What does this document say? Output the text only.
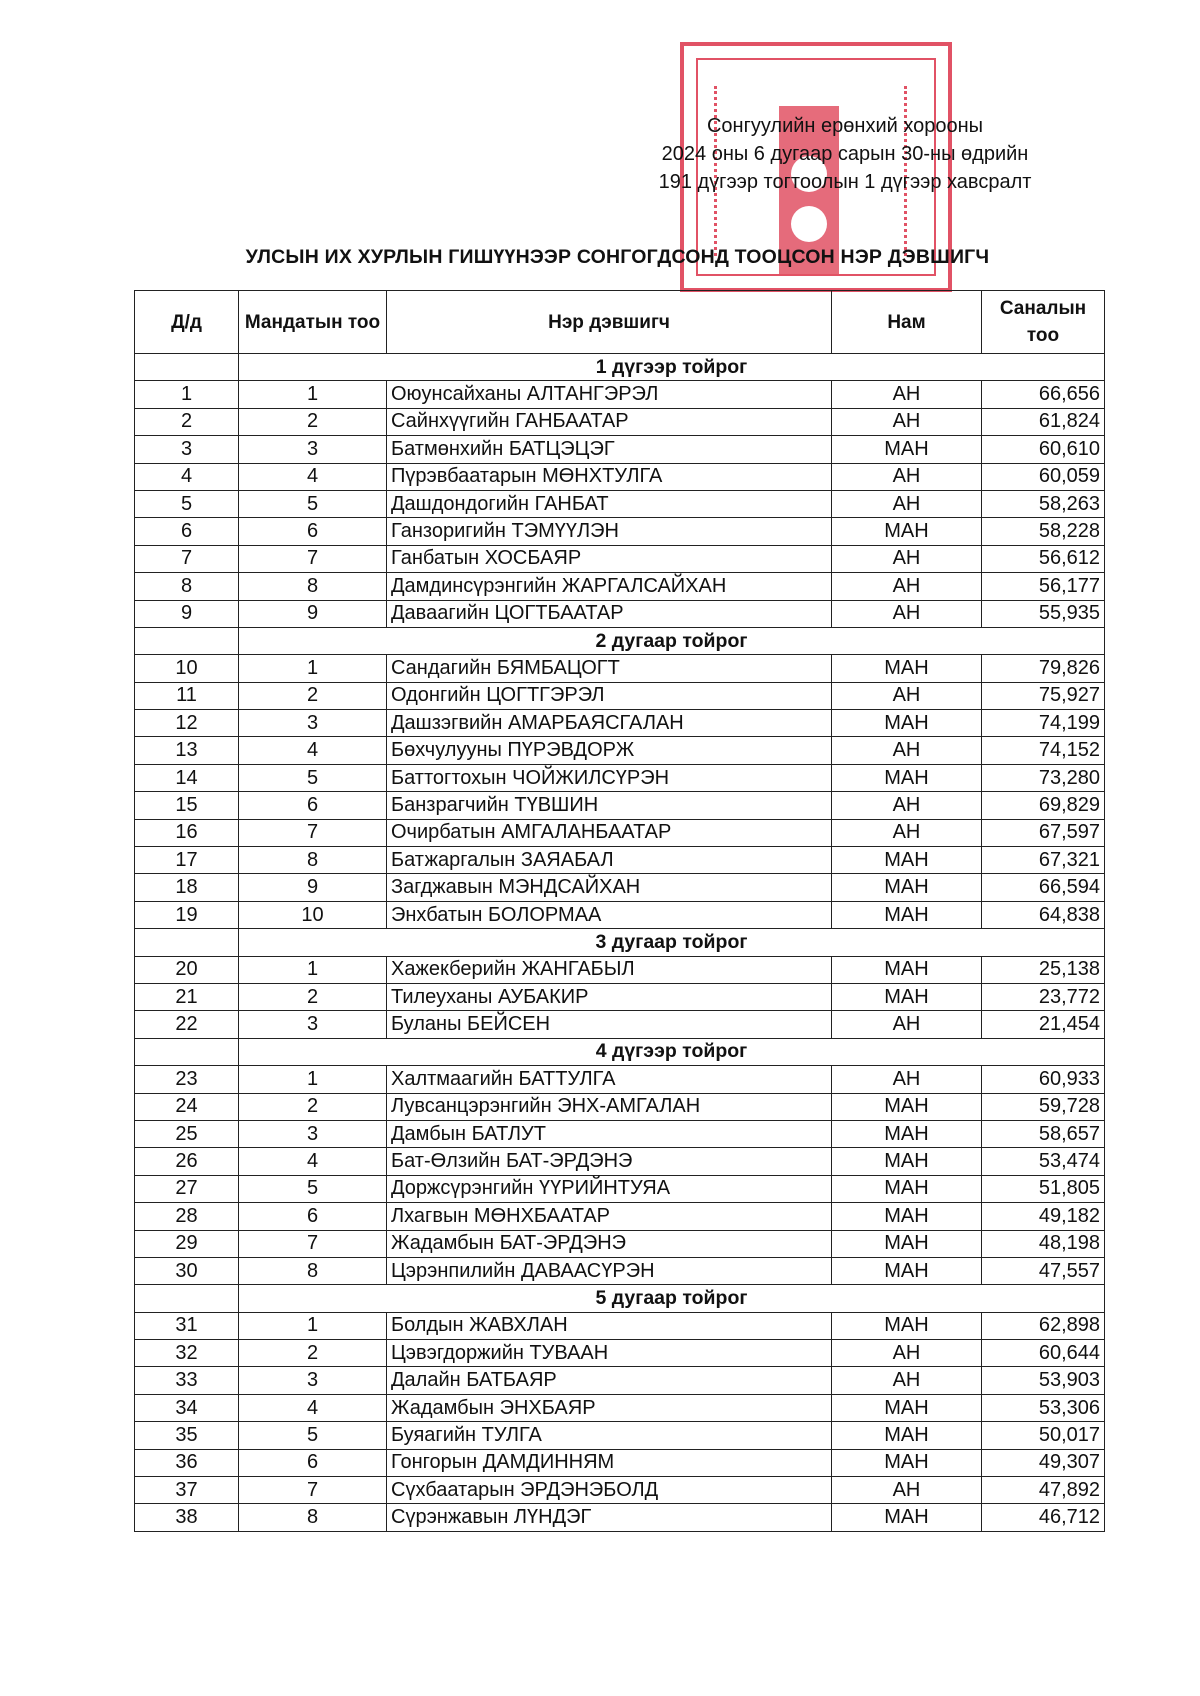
Сонгуулийн ерөнхий хорооны
2024 оны 6 дугаар сарын 30-ны өдрийн
191 дүгээр тогтоолын 1 дүгээр хавсралт
УЛСЫН ИХ ХУРЛЫН ГИШҮҮНЭЭР СОНГОГДСОНД ТООЦСОН НЭР ДЭВШИГЧ
Д/д	Мандатын тоо	Нэр дэвшигч	Нам	Саналын тоо
	1 дүгээр тойрог			
1	1	Оюунсайханы АЛТАНГЭРЭЛ	АН	66,656
2	2	Сайнхүүгийн ГАНБААТАР	АН	61,824
3	3	Батмөнхийн БАТЦЭЦЭГ	МАН	60,610
4	4	Пүрэвбаатарын МӨНХТУЛГА	АН	60,059
5	5	Дашдондогийн ГАНБАТ	АН	58,263
6	6	Ганзоригийн ТЭМҮҮЛЭН	МАН	58,228
7	7	Ганбатын ХОСБАЯР	АН	56,612
8	8	Дамдинсүрэнгийн ЖАРГАЛСАЙХАН	АН	56,177
9	9	Даваагийн ЦОГТБААТАР	АН	55,935
	2 дугаар тойрог			
10	1	Сандагийн БЯМБАЦОГТ	МАН	79,826
11	2	Одонгийн ЦОГТГЭРЭЛ	АН	75,927
12	3	Дашзэгвийн АМАРБАЯСГАЛАН	МАН	74,199
13	4	Бөхчулууны ПҮРЭВДОРЖ	АН	74,152
14	5	Баттогтохын ЧОЙЖИЛСҮРЭН	МАН	73,280
15	6	Банзрагчийн ТҮВШИН	АН	69,829
16	7	Очирбатын АМГАЛАНБААТАР	АН	67,597
17	8	Батжаргалын ЗАЯАБАЛ	МАН	67,321
18	9	Загджавын МЭНДСАЙХАН	МАН	66,594
19	10	Энхбатын БОЛОРМАА	МАН	64,838
	3 дугаар тойрог			
20	1	Хажекберийн ЖАНГАБЫЛ	МАН	25,138
21	2	Тилеуханы АУБАКИР	МАН	23,772
22	3	Буланы БЕЙСЕН	АН	21,454
	4 дүгээр тойрог			
23	1	Халтмаагийн БАТТУЛГА	АН	60,933
24	2	Лувсанцэрэнгийн ЭНХ-АМГАЛАН	МАН	59,728
25	3	Дамбын БАТЛУТ	МАН	58,657
26	4	Бат-Өлзийн БАТ-ЭРДЭНЭ	МАН	53,474
27	5	Доржсүрэнгийн ҮҮРИЙНТУЯА	МАН	51,805
28	6	Лхагвын МӨНХБААТАР	МАН	49,182
29	7	Жадамбын БАТ-ЭРДЭНЭ	МАН	48,198
30	8	Цэрэнпилийн ДАВААСҮРЭН	МАН	47,557
	5 дугаар тойрог			
31	1	Болдын ЖАВХЛАН	МАН	62,898
32	2	Цэвэгдоржийн ТУВААН	АН	60,644
33	3	Далайн БАТБАЯР	АН	53,903
34	4	Жадамбын ЭНХБАЯР	МАН	53,306
35	5	Буяагийн ТУЛГА	МАН	50,017
36	6	Гонгорын ДАМДИННЯМ	МАН	49,307
37	7	Сүхбаатарын ЭРДЭНЭБОЛД	АН	47,892
38	8	Сүрэнжавын ЛҮНДЭГ	МАН	46,712
